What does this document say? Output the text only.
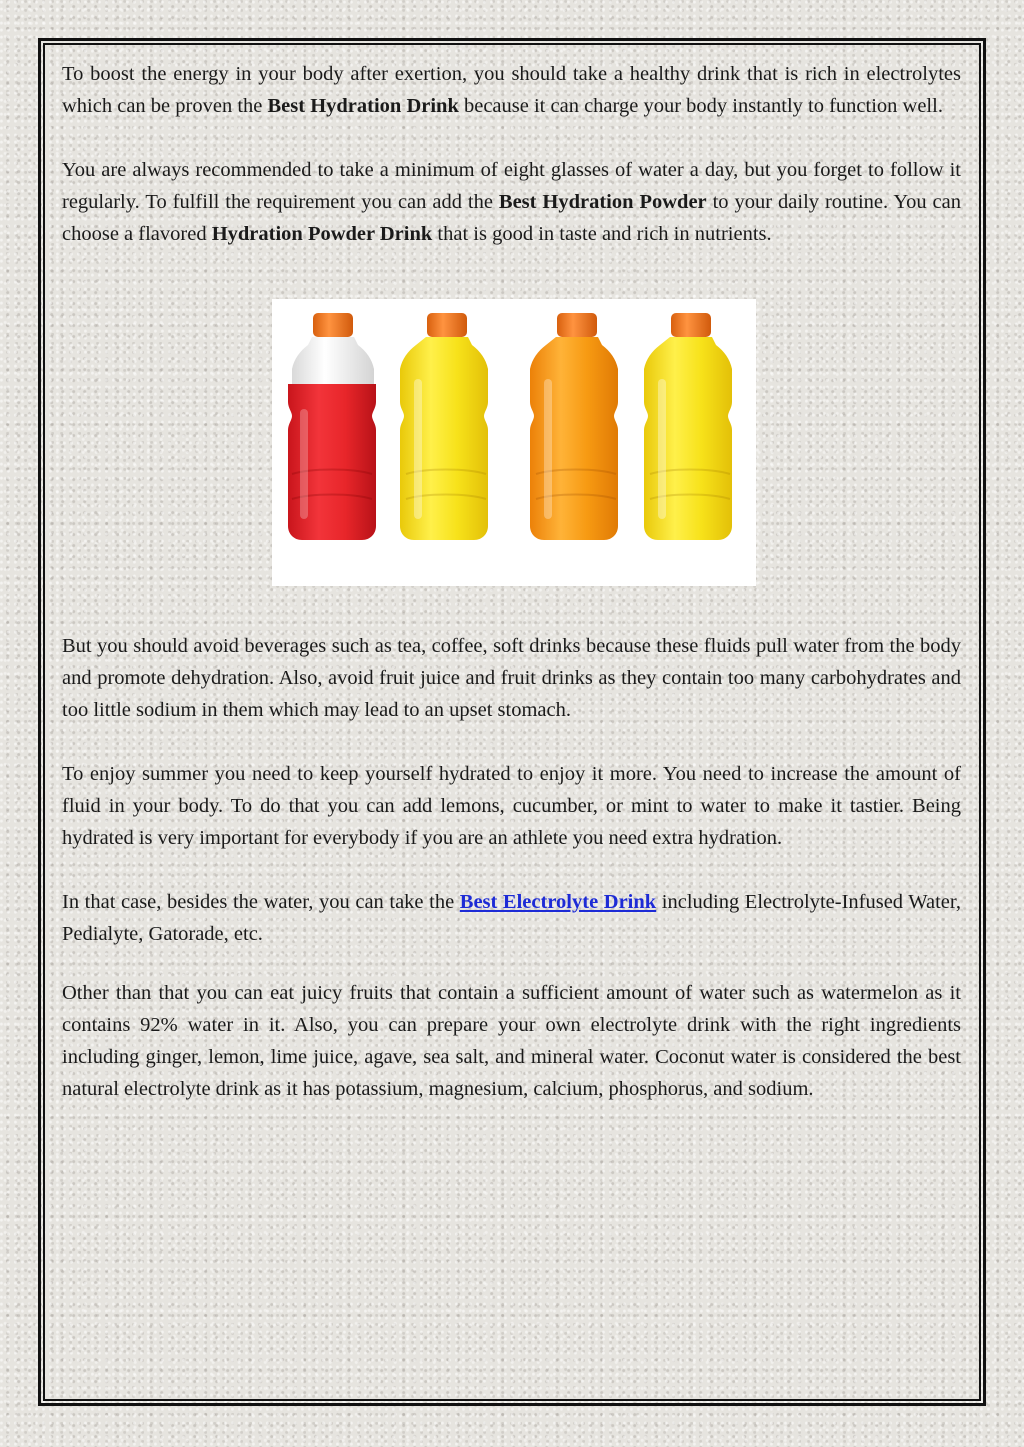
To boost the energy in your body after exertion, you should take a healthy drink that is rich in electrolytes which can be proven the Best Hydration Drink because it can charge your body instantly to function well.

You are always recommended to take a minimum of eight glasses of water a day, but you forget to follow it regularly. To fulfill the requirement you can add the Best Hydration Powder to your daily routine. You can choose a flavored Hydration Powder Drink that is good in taste and rich in nutrients.

But you should avoid beverages such as tea, coffee, soft drinks because these fluids pull water from the body and promote dehydration. Also, avoid fruit juice and fruit drinks as they contain too many carbohydrates and too little sodium in them which may lead to an upset stomach.

To enjoy summer you need to keep yourself hydrated to enjoy it more. You need to increase the amount of fluid in your body. To do that you can add lemons, cucumber, or mint to water to make it tastier. Being hydrated is very important for everybody if you are an athlete you need extra hydration.

In that case, besides the water, you can take the Best Electrolyte Drink including Electrolyte-Infused Water, Pedialyte, Gatorade, etc.

Other than that you can eat juicy fruits that contain a sufficient amount of water such as watermelon as it contains 92% water in it. Also, you can prepare your own electrolyte drink with the right ingredients including ginger, lemon, lime juice, agave, sea salt, and mineral water. Coconut water is considered the best natural electrolyte drink as it has potassium, magnesium, calcium, phosphorus, and sodium.
